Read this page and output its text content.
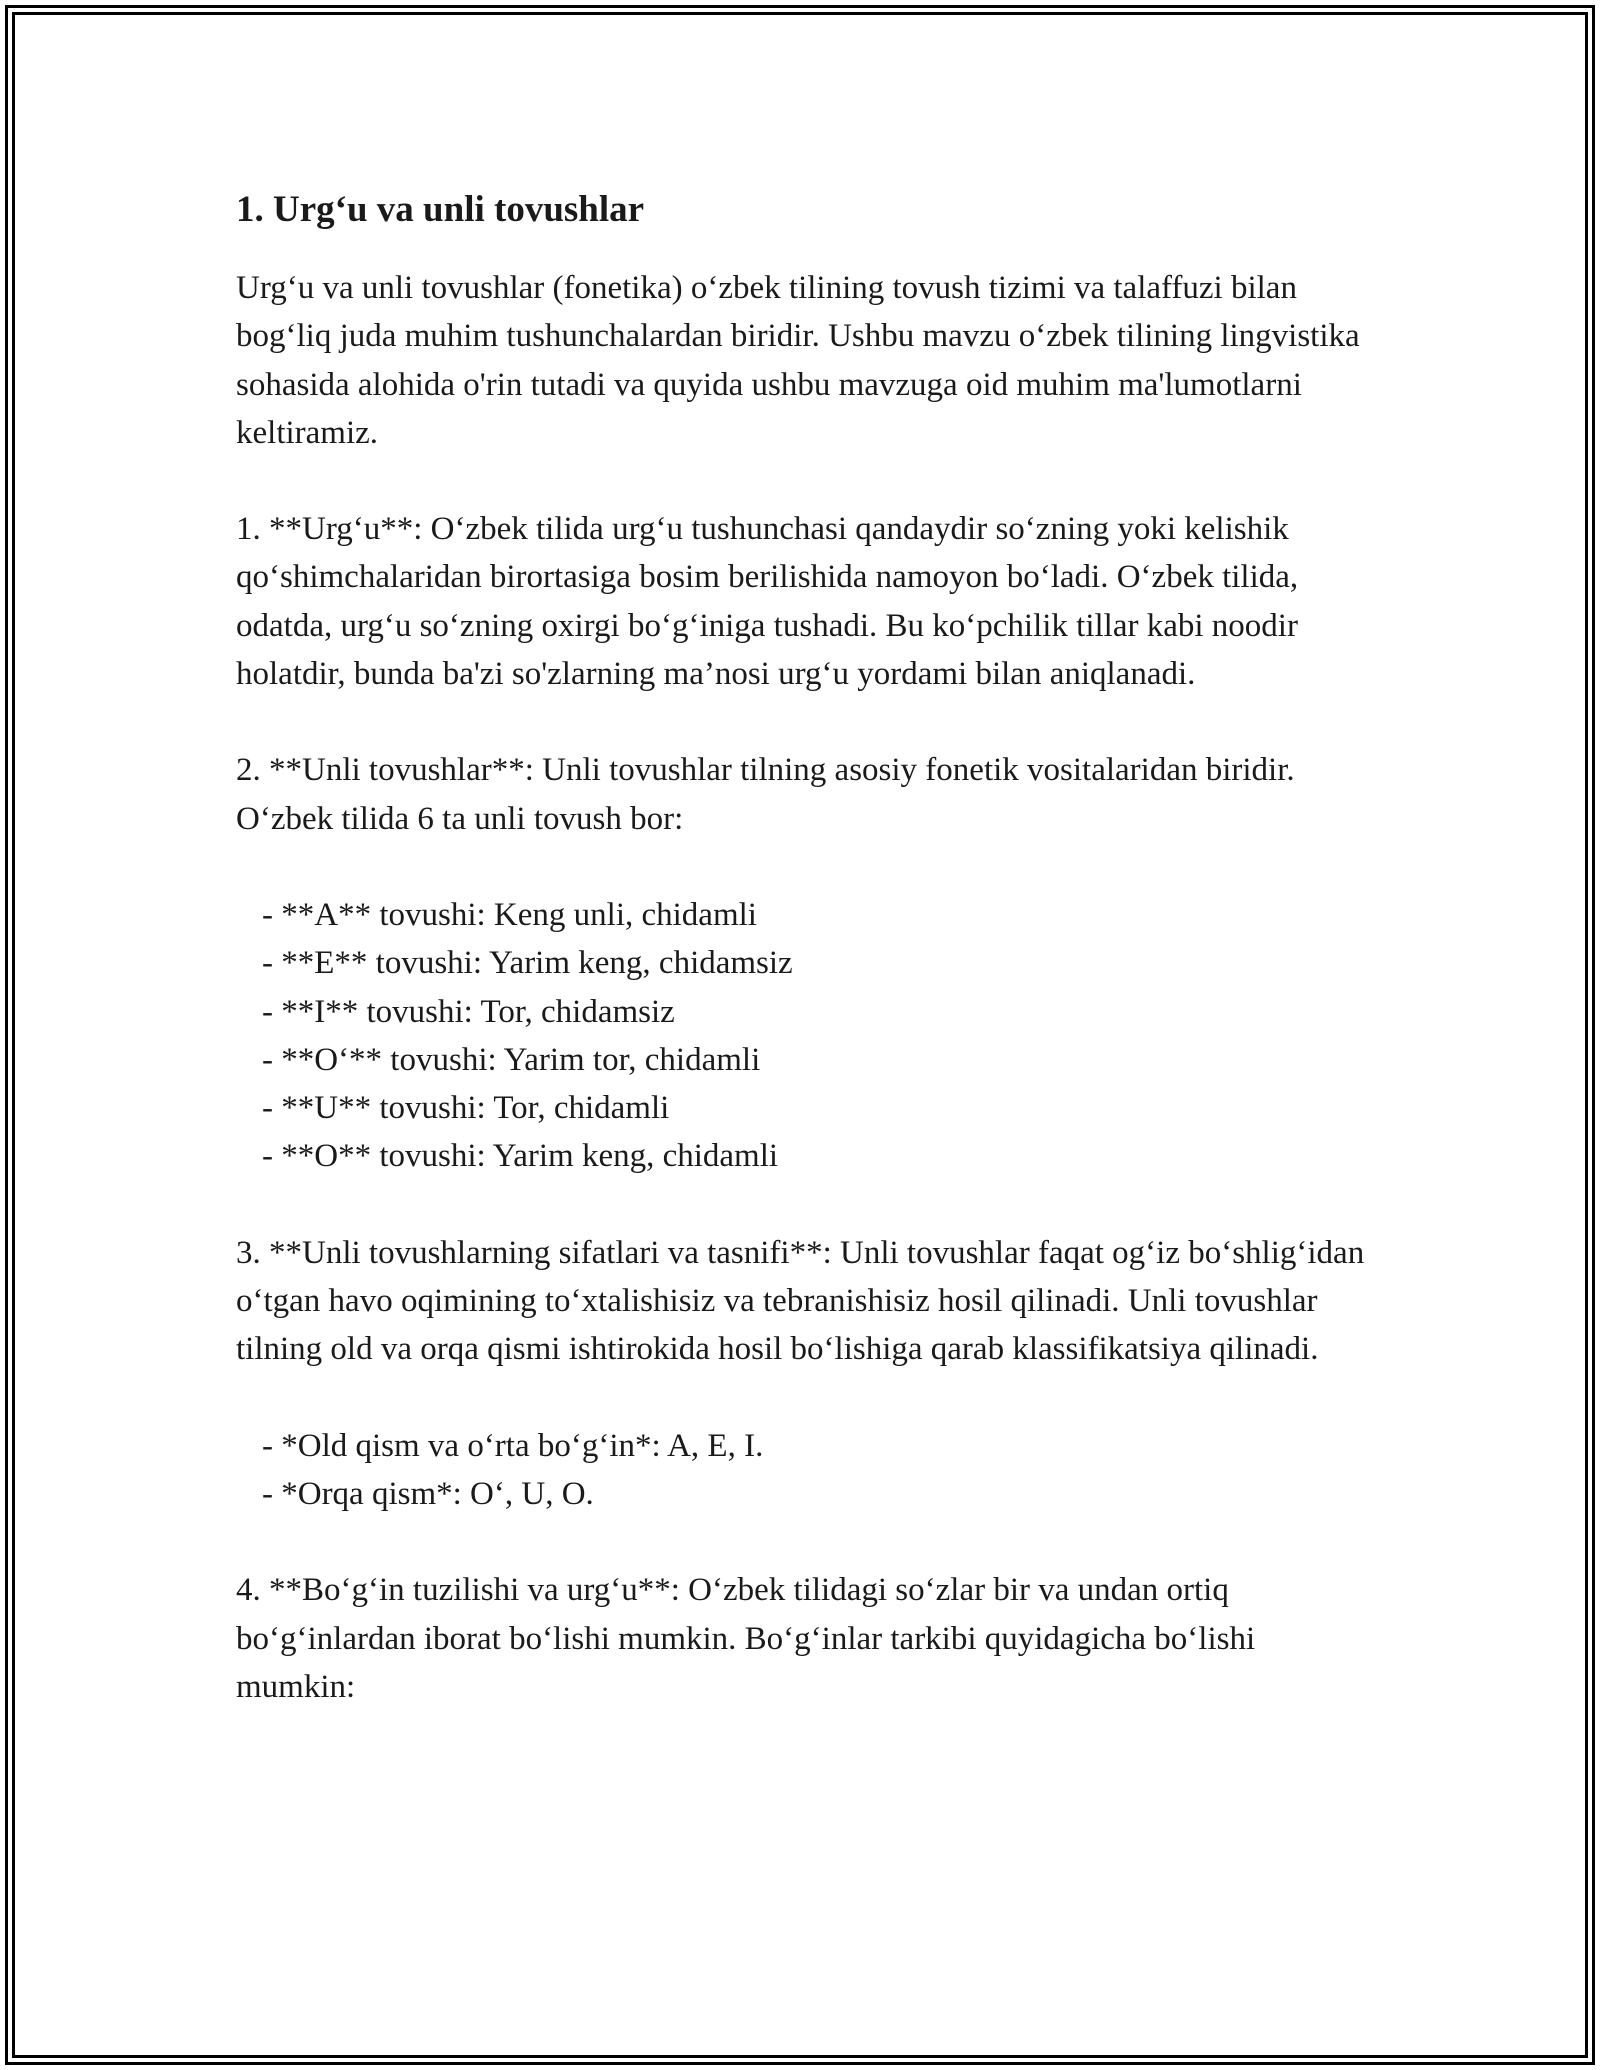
1. Urg‘u va unli tovushlar
Urg‘u va unli tovushlar (fonetika) o‘zbek tilining tovush tizimi va talaffuzi bilan bog‘liq juda muhim tushunchalardan biridir. Ushbu mavzu o‘zbek tilining lingvistika sohasida alohida o'rin tutadi va quyida ushbu mavzuga oid muhim ma'lumotlarni keltiramiz.
1. **Urg‘u**: O‘zbek tilida urg‘u tushunchasi qandaydir so‘zning yoki kelishik qo‘shimchalaridan birortasiga bosim berilishida namoyon bo‘ladi. O‘zbek tilida, odatda, urg‘u so‘zning oxirgi bo‘g‘iniga tushadi. Bu ko‘pchilik tillar kabi noodir holatdir, bunda ba'zi so'zlarning ma’nosi urg‘u yordami bilan aniqlanadi.
2. **Unli tovushlar**: Unli tovushlar tilning asosiy fonetik vositalaridan biridir. O‘zbek tilida 6 ta unli tovush bor:
- **A** tovushi: Keng unli, chidamli
- **E** tovushi: Yarim keng, chidamsiz
- **I** tovushi: Tor, chidamsiz
- **O‘** tovushi: Yarim tor, chidamli
- **U** tovushi: Tor, chidamli
- **O** tovushi: Yarim keng, chidamli
3. **Unli tovushlarning sifatlari va tasnifi**: Unli tovushlar faqat og‘iz bo‘shlig‘idan o‘tgan havo oqimining to‘xtalishisiz va tebranishisiz hosil qilinadi. Unli tovushlar tilning old va orqa qismi ishtirokida hosil bo‘lishiga qarab klassifikatsiya qilinadi.
- *Old qism va o‘rta bo‘g‘in*: A, E, I.
- *Orqa qism*: O‘, U, O.
4. **Bo‘g‘in tuzilishi va urg‘u**: O‘zbek tilidagi so‘zlar bir va undan ortiq bo‘g‘inlardan iborat bo‘lishi mumkin. Bo‘g‘inlar tarkibi quyidagicha bo‘lishi mumkin:
